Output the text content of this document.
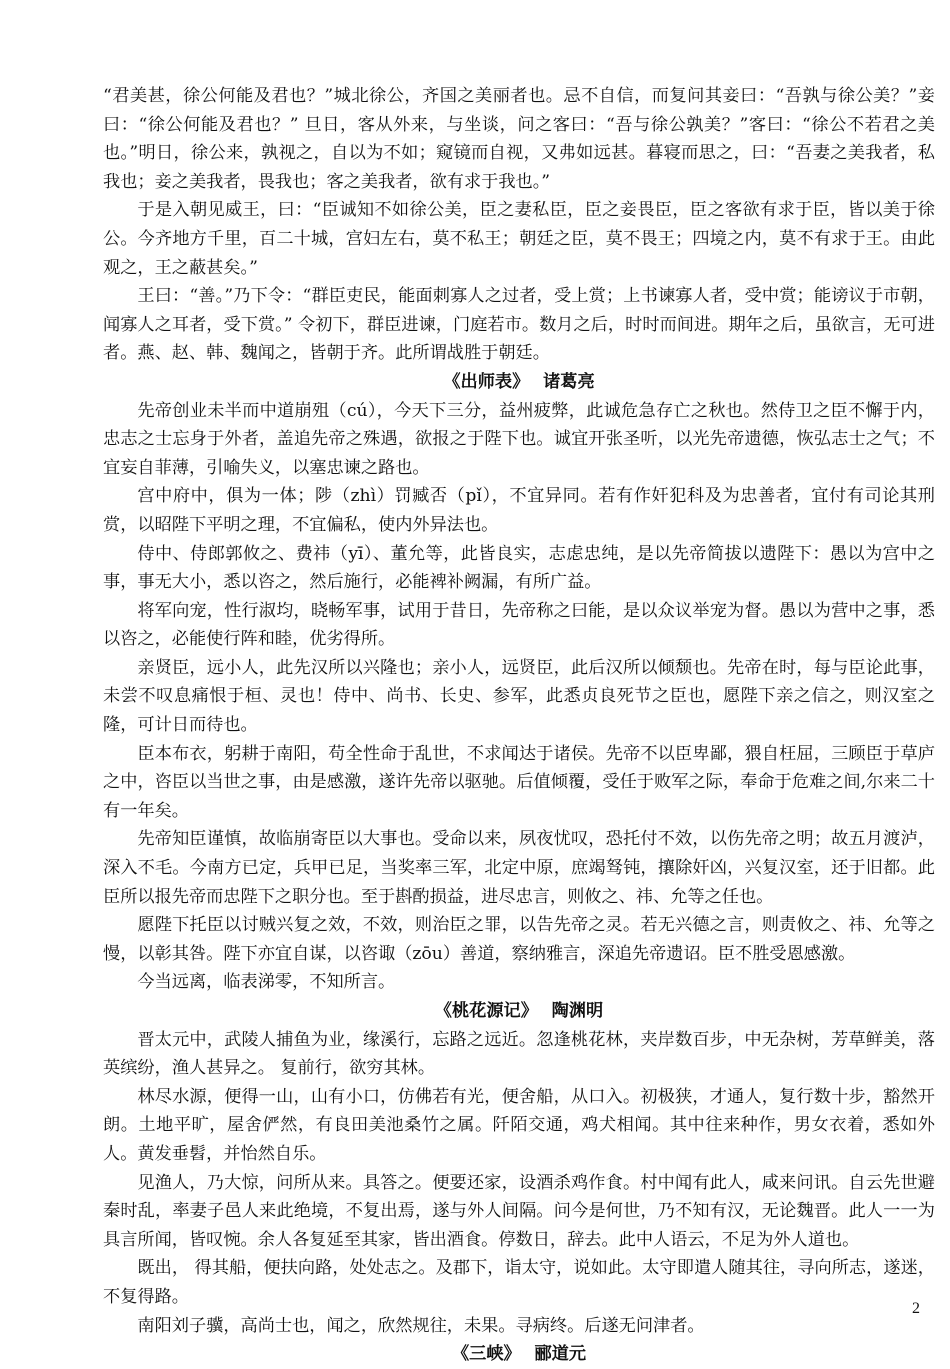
“君美甚，徐公何能及君也？”城北徐公，齐国之美丽者也。忌不自信，而复问其妾曰：“吾孰与徐公美？”妾曰：“徐公何能及君也？” 旦日，客从外来，与坐谈，问之客曰：“吾与徐公孰美？”客曰：“徐公不若君之美也。”明日，徐公来，孰视之，自以为不如；窥镜而自视，又弗如远甚。暮寝而思之，曰：“吾妻之美我者，私我也；妾之美我者，畏我也；客之美我者，欲有求于我也。”

于是入朝见威王，曰：“臣诚知不如徐公美，臣之妻私臣，臣之妾畏臣，臣之客欲有求于臣，皆以美于徐公。今齐地方千里，百二十城，宫妇左右，莫不私王；朝廷之臣，莫不畏王；四境之内，莫不有求于王。由此观之，王之蔽甚矣。”

王曰：“善。”乃下令：“群臣吏民，能面刺寡人之过者，受上赏；上书谏寡人者，受中赏；能谤议于市朝，闻寡人之耳者，受下赏。” 令初下，群臣进谏，门庭若市。数月之后，时时而间进。期年之后，虽欲言，无可进者。燕、赵、韩、魏闻之，皆朝于齐。此所谓战胜于朝廷。

《出师表》 诸葛亮

先帝创业未半而中道崩殂（cú），今天下三分，益州疲弊，此诚危急存亡之秋也。然侍卫之臣不懈于内，忠志之士忘身于外者，盖追先帝之殊遇，欲报之于陛下也。诚宜开张圣听，以光先帝遗德，恢弘志士之气；不宜妄自菲薄，引喻失义，以塞忠谏之路也。

宫中府中，俱为一体；陟（zhì）罚臧否（pǐ），不宜异同。若有作奸犯科及为忠善者，宜付有司论其刑赏，以昭陛下平明之理，不宜偏私，使内外异法也。

侍中、侍郎郭攸之、费祎（yī）、董允等，此皆良实，志虑忠纯，是以先帝简拔以遗陛下：愚以为宫中之事，事无大小，悉以咨之，然后施行，必能裨补阙漏，有所广益。

将军向宠，性行淑均，晓畅军事，试用于昔日，先帝称之曰能，是以众议举宠为督。愚以为营中之事，悉以咨之，必能使行阵和睦，优劣得所。

亲贤臣，远小人，此先汉所以兴隆也；亲小人，远贤臣，此后汉所以倾颓也。先帝在时，每与臣论此事，未尝不叹息痛恨于桓、灵也！侍中、尚书、长史、参军，此悉贞良死节之臣也，愿陛下亲之信之，则汉室之隆，可计日而待也。

臣本布衣，躬耕于南阳，苟全性命于乱世，不求闻达于诸侯。先帝不以臣卑鄙，猥自枉屈，三顾臣于草庐之中，咨臣以当世之事，由是感激，遂许先帝以驱驰。后值倾覆，受任于败军之际，奉命于危难之间,尔来二十有一年矣。

先帝知臣谨慎，故临崩寄臣以大事也。受命以来，夙夜忧叹，恐托付不效，以伤先帝之明；故五月渡泸，深入不毛。今南方已定，兵甲已足，当奖率三军，北定中原，庶竭驽钝，攘除奸凶，兴复汉室，还于旧都。此臣所以报先帝而忠陛下之职分也。至于斟酌损益，进尽忠言，则攸之、祎、允等之任也。

愿陛下托臣以讨贼兴复之效，不效，则治臣之罪，以告先帝之灵。若无兴德之言，则责攸之、祎、允等之慢，以彰其咎。陛下亦宜自谋，以咨诹（zōu）善道，察纳雅言，深追先帝遗诏。臣不胜受恩感激。

今当远离，临表涕零，不知所言。

《桃花源记》 陶渊明

晋太元中，武陵人捕鱼为业，缘溪行，忘路之远近。忽逢桃花林，夹岸数百步，中无杂树，芳草鲜美，落英缤纷，渔人甚异之。 复前行，欲穷其林。

林尽水源，便得一山，山有小口，仿佛若有光，便舍船，从口入。初极狭，才通人，复行数十步，豁然开朗。土地平旷，屋舍俨然，有良田美池桑竹之属。阡陌交通，鸡犬相闻。其中往来种作，男女衣着，悉如外人。黄发垂髫，并怡然自乐。

见渔人，乃大惊，问所从来。具答之。便要还家，设酒杀鸡作食。村中闻有此人，咸来问讯。自云先世避秦时乱，率妻子邑人来此绝境，不复出焉，遂与外人间隔。问今是何世，乃不知有汉，无论魏晋。此人一一为具言所闻，皆叹惋。余人各复延至其家，皆出酒食。停数日，辞去。此中人语云，不足为外人道也。

既出， 得其船，便扶向路，处处志之。及郡下，诣太守，说如此。太守即遣人随其往，寻向所志，遂迷，不复得路。

南阳刘子骥，高尚士也，闻之，欣然规往，未果。寻病终。后遂无问津者。

《三峡》 郦道元
2
